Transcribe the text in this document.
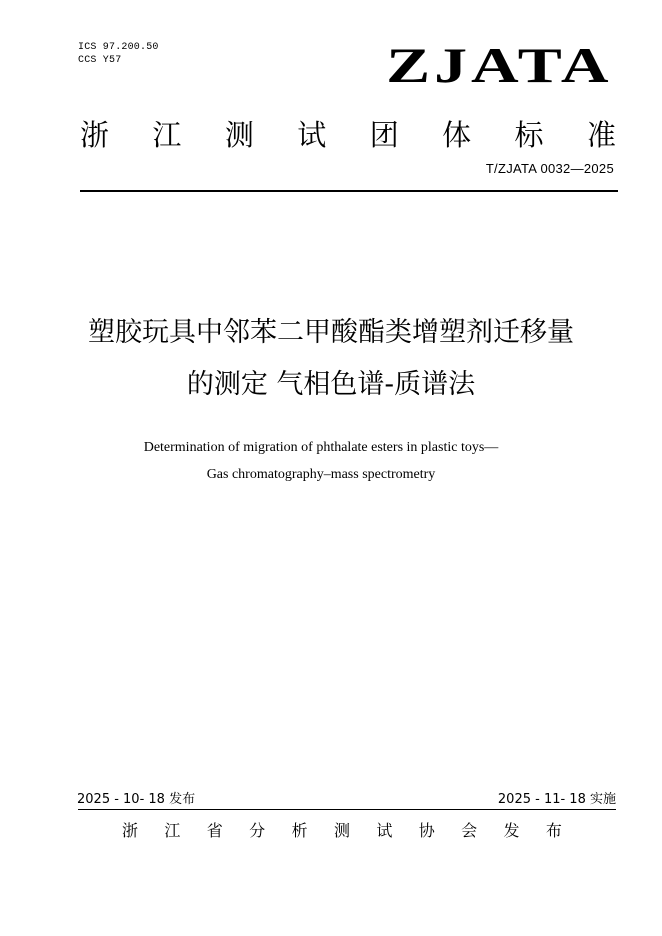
ICS 97.200.50
CCS Y57	ZJATA
浙 江 测 试 团 体 标 准
T/ZJATA 0032—2025
塑胶玩具中邻苯二甲酸酯类增塑剂迁移量
的测定 气相色谱-质谱法
Determination of migration of phthalate esters in plastic toys—
Gas chromatography–mass spectrometry
2025 - 10- 18 发布	2025 - 11- 18 实施
浙 江 省 分 析 测 试 协 会 发 布
